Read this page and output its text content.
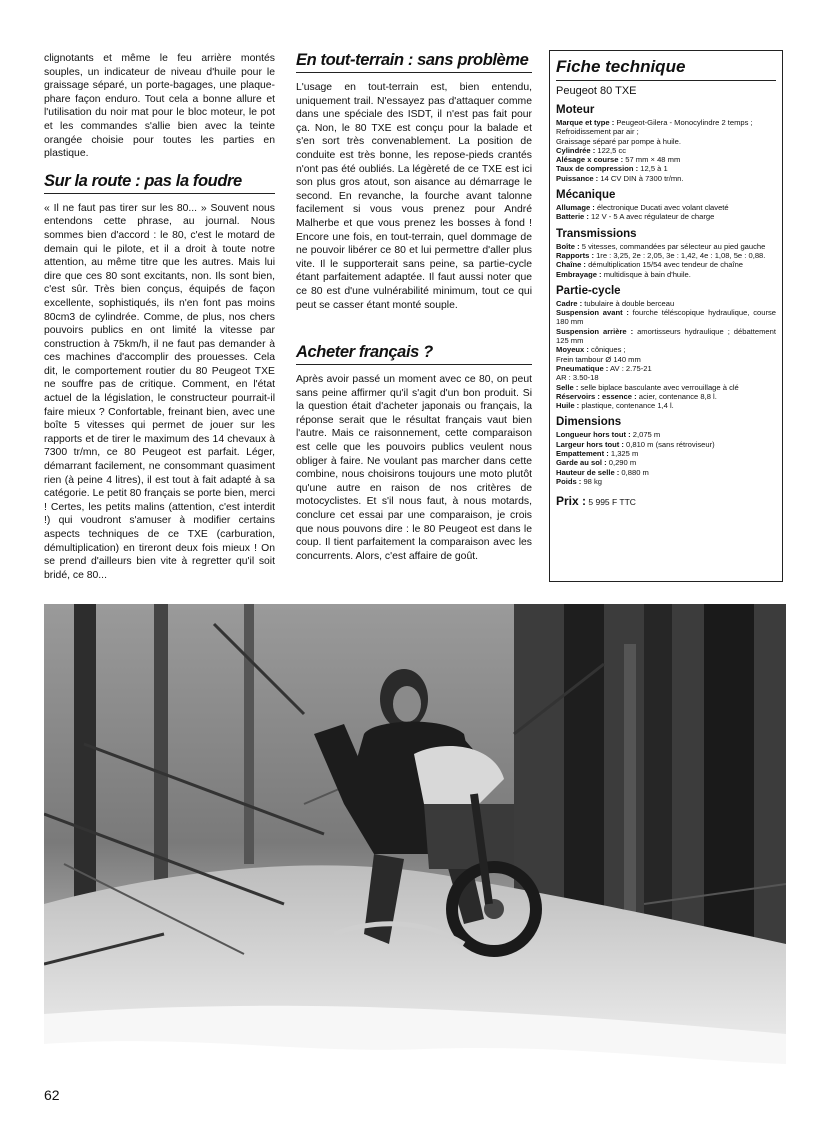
clignotants et même le feu arrière montés souples, un indicateur de niveau d'huile pour le graissage séparé, un porte-bagages, une plaque-phare façon enduro. Tout cela a bonne allure et l'utilisation du noir mat pour le bloc moteur, le pot et les commandes s'allie bien avec la teinte orangée choisie pour toutes les parties en plastique.

Sur la route : pas la foudre

« Il ne faut pas tirer sur les 80... » Souvent nous entendons cette phrase, au journal. Nous sommes bien d'accord : le 80, c'est le motard de demain qui le pilote, et il a droit à toute notre attention, au même titre que les autres. Mais lui dire que ces 80 sont excitants, non. Ils sont bien, c'est sûr. Très bien conçus, équipés de façon excellente, sophistiqués, ils n'en font pas moins 80cm3 de cylindrée. Comme, de plus, nos chers pouvoirs publics en ont limité la vitesse par construction à 75km/h, il ne faut pas demander à ces machines d'accomplir des prouesses. Cela dit, le comportement routier du 80 Peugeot TXE ne souffre pas de critique. Comment, en l'état actuel de la législation, le constructeur pourrait-il faire mieux ? Confortable, freinant bien, avec une boîte 5 vitesses qui permet de jouer sur les rapports et de tirer le maximum des 14 chevaux à 7300 tr/mn, ce 80 Peugeot est parfait. Léger, démarrant facilement, ne consommant quasiment rien (à peine 4 litres), il est tout à fait adapté à sa catégorie. Le petit 80 français se porte bien, merci ! Certes, les petits malins (attention, c'est interdit !) qui voudront s'amuser à modifier certains aspects techniques de ce TXE (carburation, démultiplication) en tireront deux fois mieux ! On se prend d'ailleurs bien vite à regretter qu'il soit bridé, ce 80...

En tout-terrain : sans problème

L'usage en tout-terrain est, bien entendu, uniquement trail. N'essayez pas d'attaquer comme dans une spéciale des ISDT, il n'est pas fait pour ça. Non, le 80 TXE est conçu pour la balade et s'en sort très convenablement. La position de conduite est très bonne, les repose-pieds crantés n'ont pas été oubliés. La légèreté de ce TXE est ici son plus gros atout, son aisance au démarrage le second. En revanche, la fourche avant talonne facilement si vous vous prenez pour André Malherbe et que vous prenez les bosses à fond ! Encore une fois, en tout-terrain, quel dommage de ne pouvoir libérer ce 80 et lui permettre d'aller plus vite. Il le supporterait sans peine, sa partie-cycle étant parfaitement adaptée. Il faut aussi noter que ce 80 est d'une vulnérabilité minimum, tout ce qui peut se casser étant monté souple.

Acheter français ?

Après avoir passé un moment avec ce 80, on peut sans peine affirmer qu'il s'agit d'un bon produit. Si la question était d'acheter japonais ou français, la réponse serait que le résultat français vaut bien l'autre. Mais ce raisonnement, cette comparaison est celle que les pouvoirs publics veulent nous obliger à faire. Ne voulant pas marcher dans cette combine, nous choisirons toujours une moto plutôt qu'une autre en raison de nos critères de motocyclistes. Et s'il nous faut, à nous motards, conclure cet essai par une comparaison, je crois que nous pouvons dire : le 80 Peugeot est dans le coup. Il tient parfaitement la comparaison avec les concurrents. Alors, c'est affaire de goût.

Fiche technique
Peugeot 80 TXE
Moteur
Marque et type : Peugeot-Gilera - Monocylindre 2 temps ;
Refroidissement par air ;
Graissage séparé par pompe à huile.
Cylindrée : 122,5 cc
Alésage x course : 57 mm × 48 mm
Taux de compression : 12,5 à 1
Puissance : 14 CV DIN à 7300 tr/mn.
Mécanique
Allumage : électronique Ducati avec volant claveté
Batterie : 12 V - 5 A avec régulateur de charge
Transmissions
Boîte : 5 vitesses, commandées par sélecteur au pied gauche
Rapports : 1re : 3,25, 2e : 2,05, 3e : 1,42, 4e : 1,08, 5e : 0,88.
Chaîne : démultiplication 15/54 avec tendeur de chaîne
Embrayage : multidisque à bain d'huile.
Partie-cycle
Cadre : tubulaire à double berceau
Suspension avant : fourche téléscopique hydraulique, course 180 mm
Suspension arrière : amortisseurs hydraulique ; débattement 125 mm
Moyeux : côniques ;
Frein tambour Ø 140 mm
Pneumatique : AV : 2.75-21
AR : 3.50-18
Selle : selle biplace basculante avec verrouillage à clé
Réservoirs : essence : acier, contenance 8,8 l.
Huile : plastique, contenance 1,4 l.
Dimensions
Longueur hors tout : 2,075 m
Largeur hors tout : 0,810 m (sans rétroviseur)
Empattement : 1,325 m
Garde au sol : 0,290 m
Hauteur de selle : 0,880 m
Poids : 98 kg
Prix : 5 995 F TTC
62
